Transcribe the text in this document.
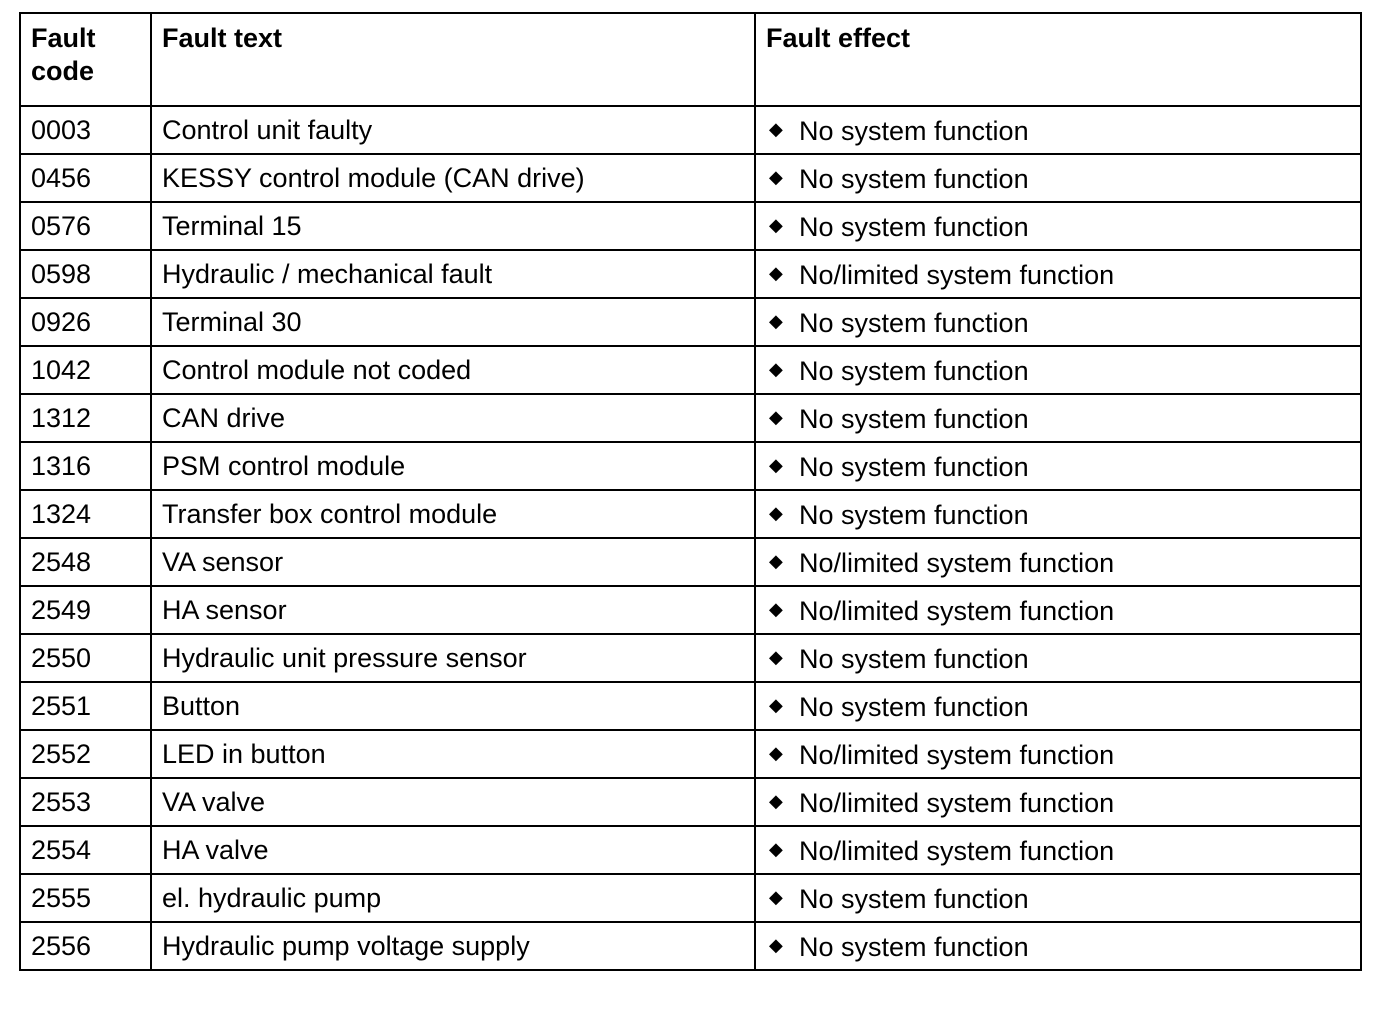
Fault code	Fault text	Fault effect
0003	Control unit faulty	◆ No system function
0456	KESSY control module (CAN drive)	◆ No system function
0576	Terminal 15	◆ No system function
0598	Hydraulic / mechanical fault	◆ No/limited system function
0926	Terminal 30	◆ No system function
1042	Control module not coded	◆ No system function
1312	CAN drive	◆ No system function
1316	PSM control module	◆ No system function
1324	Transfer box control module	◆ No system function
2548	VA sensor	◆ No/limited system function
2549	HA sensor	◆ No/limited system function
2550	Hydraulic unit pressure sensor	◆ No system function
2551	Button	◆ No system function
2552	LED in button	◆ No/limited system function
2553	VA valve	◆ No/limited system function
2554	HA valve	◆ No/limited system function
2555	el. hydraulic pump	◆ No system function
2556	Hydraulic pump voltage supply	◆ No system function
